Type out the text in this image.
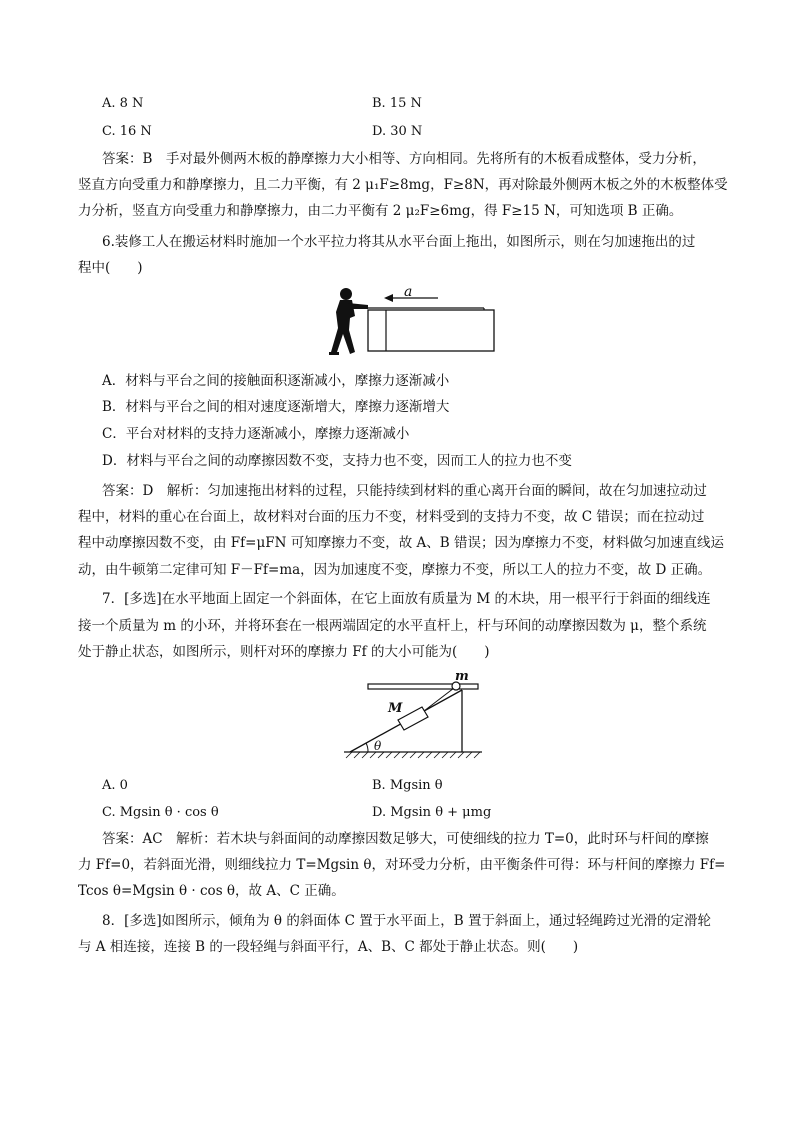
A. 8 N	B. 15 N
C. 16 N	D. 30 N
答案：B　手对最外侧两木板的静摩擦力大小相等、方向相同。先将所有的木板看成整体，受力分析，
竖直方向受重力和静摩擦力，且二力平衡，有 2 μ₁F≥8mg，F≥8N，再对除最外侧两木板之外的木板整体受
力分析，竖直方向受重力和静摩擦力，由二力平衡有 2 μ₂F≥6mg，得 F≥15 N，可知选项 B 正确。
6.装修工人在搬运材料时施加一个水平拉力将其从水平台面上拖出，如图所示，则在匀加速拖出的过
程中(　　)
a
A．材料与平台之间的接触面积逐渐减小，摩擦力逐渐减小
B．材料与平台之间的相对速度逐渐增大，摩擦力逐渐增大
C．平台对材料的支持力逐渐减小，摩擦力逐渐减小
D．材料与平台之间的动摩擦因数不变，支持力也不变，因而工人的拉力也不变
答案：D　解析：匀加速拖出材料的过程，只能持续到材料的重心离开台面的瞬间，故在匀加速拉动过
程中，材料的重心在台面上，故材料对台面的压力不变，材料受到的支持力不变，故 C 错误；而在拉动过
程中动摩擦因数不变，由 Ff=μFN 可知摩擦力不变，故 A、B 错误；因为摩擦力不变，材料做匀加速直线运
动，由牛顿第二定律可知 F－Ff=ma，因为加速度不变，摩擦力不变，所以工人的拉力不变，故 D 正确。
7．[多选]在水平地面上固定一个斜面体，在它上面放有质量为 M 的木块，用一根平行于斜面的细线连
接一个质量为 m 的小环，并将环套在一根两端固定的水平直杆上，杆与环间的动摩擦因数为 μ，整个系统
处于静止状态，如图所示，则杆对环的摩擦力 Ff 的大小可能为(　　)
m
M
θ
A. 0	B. Mgsin θ
C. Mgsin θ · cos θ	D. Mgsin θ + μmg
答案：AC　解析：若木块与斜面间的动摩擦因数足够大，可使细线的拉力 T=0，此时环与杆间的摩擦
力 Ff=0，若斜面光滑，则细线拉力 T=Mgsin θ，对环受力分析，由平衡条件可得：环与杆间的摩擦力 Ff=
Tcos θ=Mgsin θ · cos θ，故 A、C 正确。
8．[多选]如图所示，倾角为 θ 的斜面体 C 置于水平面上，B 置于斜面上，通过轻绳跨过光滑的定滑轮
与 A 相连接，连接 B 的一段轻绳与斜面平行，A、B、C 都处于静止状态。则(　　)
